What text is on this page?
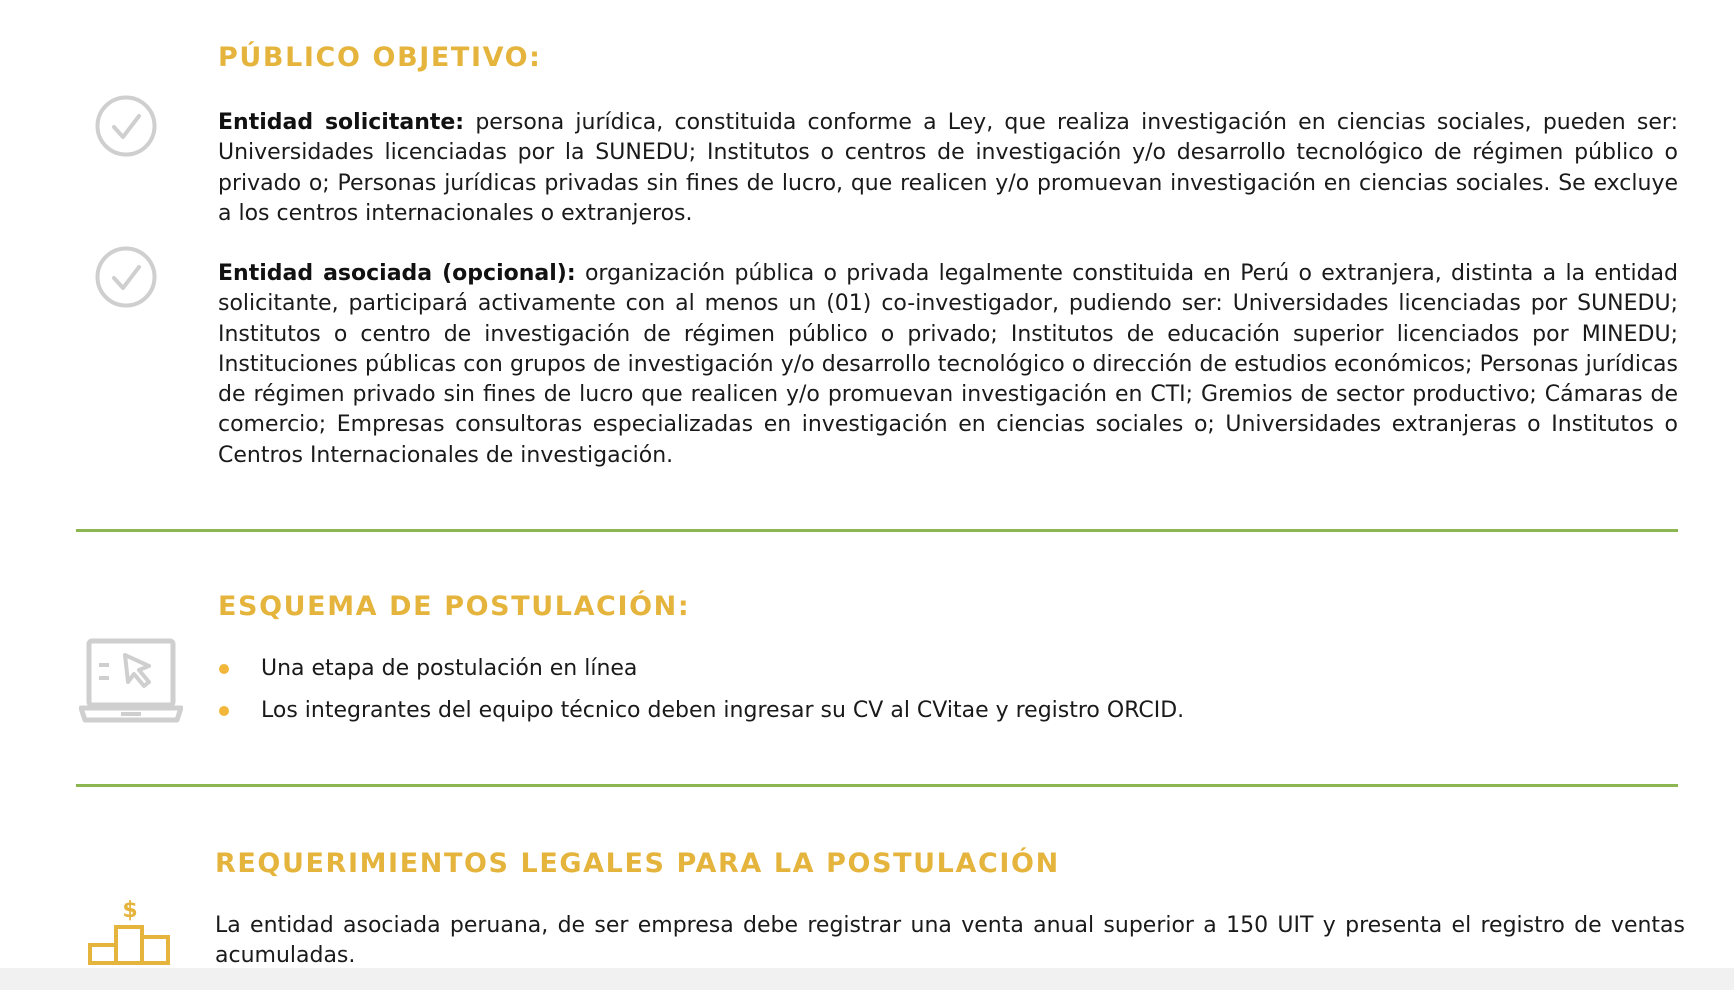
PÚBLICO OBJETIVO:

Entidad solicitante: persona jurídica, constituida conforme a Ley, que realiza investigación en ciencias sociales, pueden ser: Universidades licenciadas por la SUNEDU; Institutos o centros de investigación y/o desarrollo tecnológico de régimen público o privado o; Personas jurídicas privadas sin fines de lucro, que realicen y/o promuevan investigación en ciencias sociales. Se excluye a los centros internacionales o extranjeros.

Entidad asociada (opcional): organización pública o privada legalmente constituida en Perú o extranjera, distinta a la entidad solicitante, participará activamente con al menos un (01) co-investigador, pudiendo ser: Universidades licenciadas por SUNEDU; Institutos o centro de investigación de régimen público o privado; Institutos de educación superior licenciados por MINEDU; Instituciones públicas con grupos de investigación y/o desarrollo tecnológico o dirección de estudios económicos; Personas jurídicas de régimen privado sin fines de lucro que realicen y/o promuevan investigación en CTI; Gremios de sector productivo; Cámaras de comercio; Empresas consultoras especializadas en investigación en ciencias sociales o; Universidades extranjeras o Institutos o Centros Internacionales de investigación.

ESQUEMA DE POSTULACIÓN:
Una etapa de postulación en línea
Los integrantes del equipo técnico deben ingresar su CV al CVitae y registro ORCID.
REQUERIMIENTOS LEGALES PARA LA POSTULACIÓN
$

La entidad asociada peruana, de ser empresa debe registrar una venta anual superior a 150 UIT y presenta el registro de ventas acumuladas.
